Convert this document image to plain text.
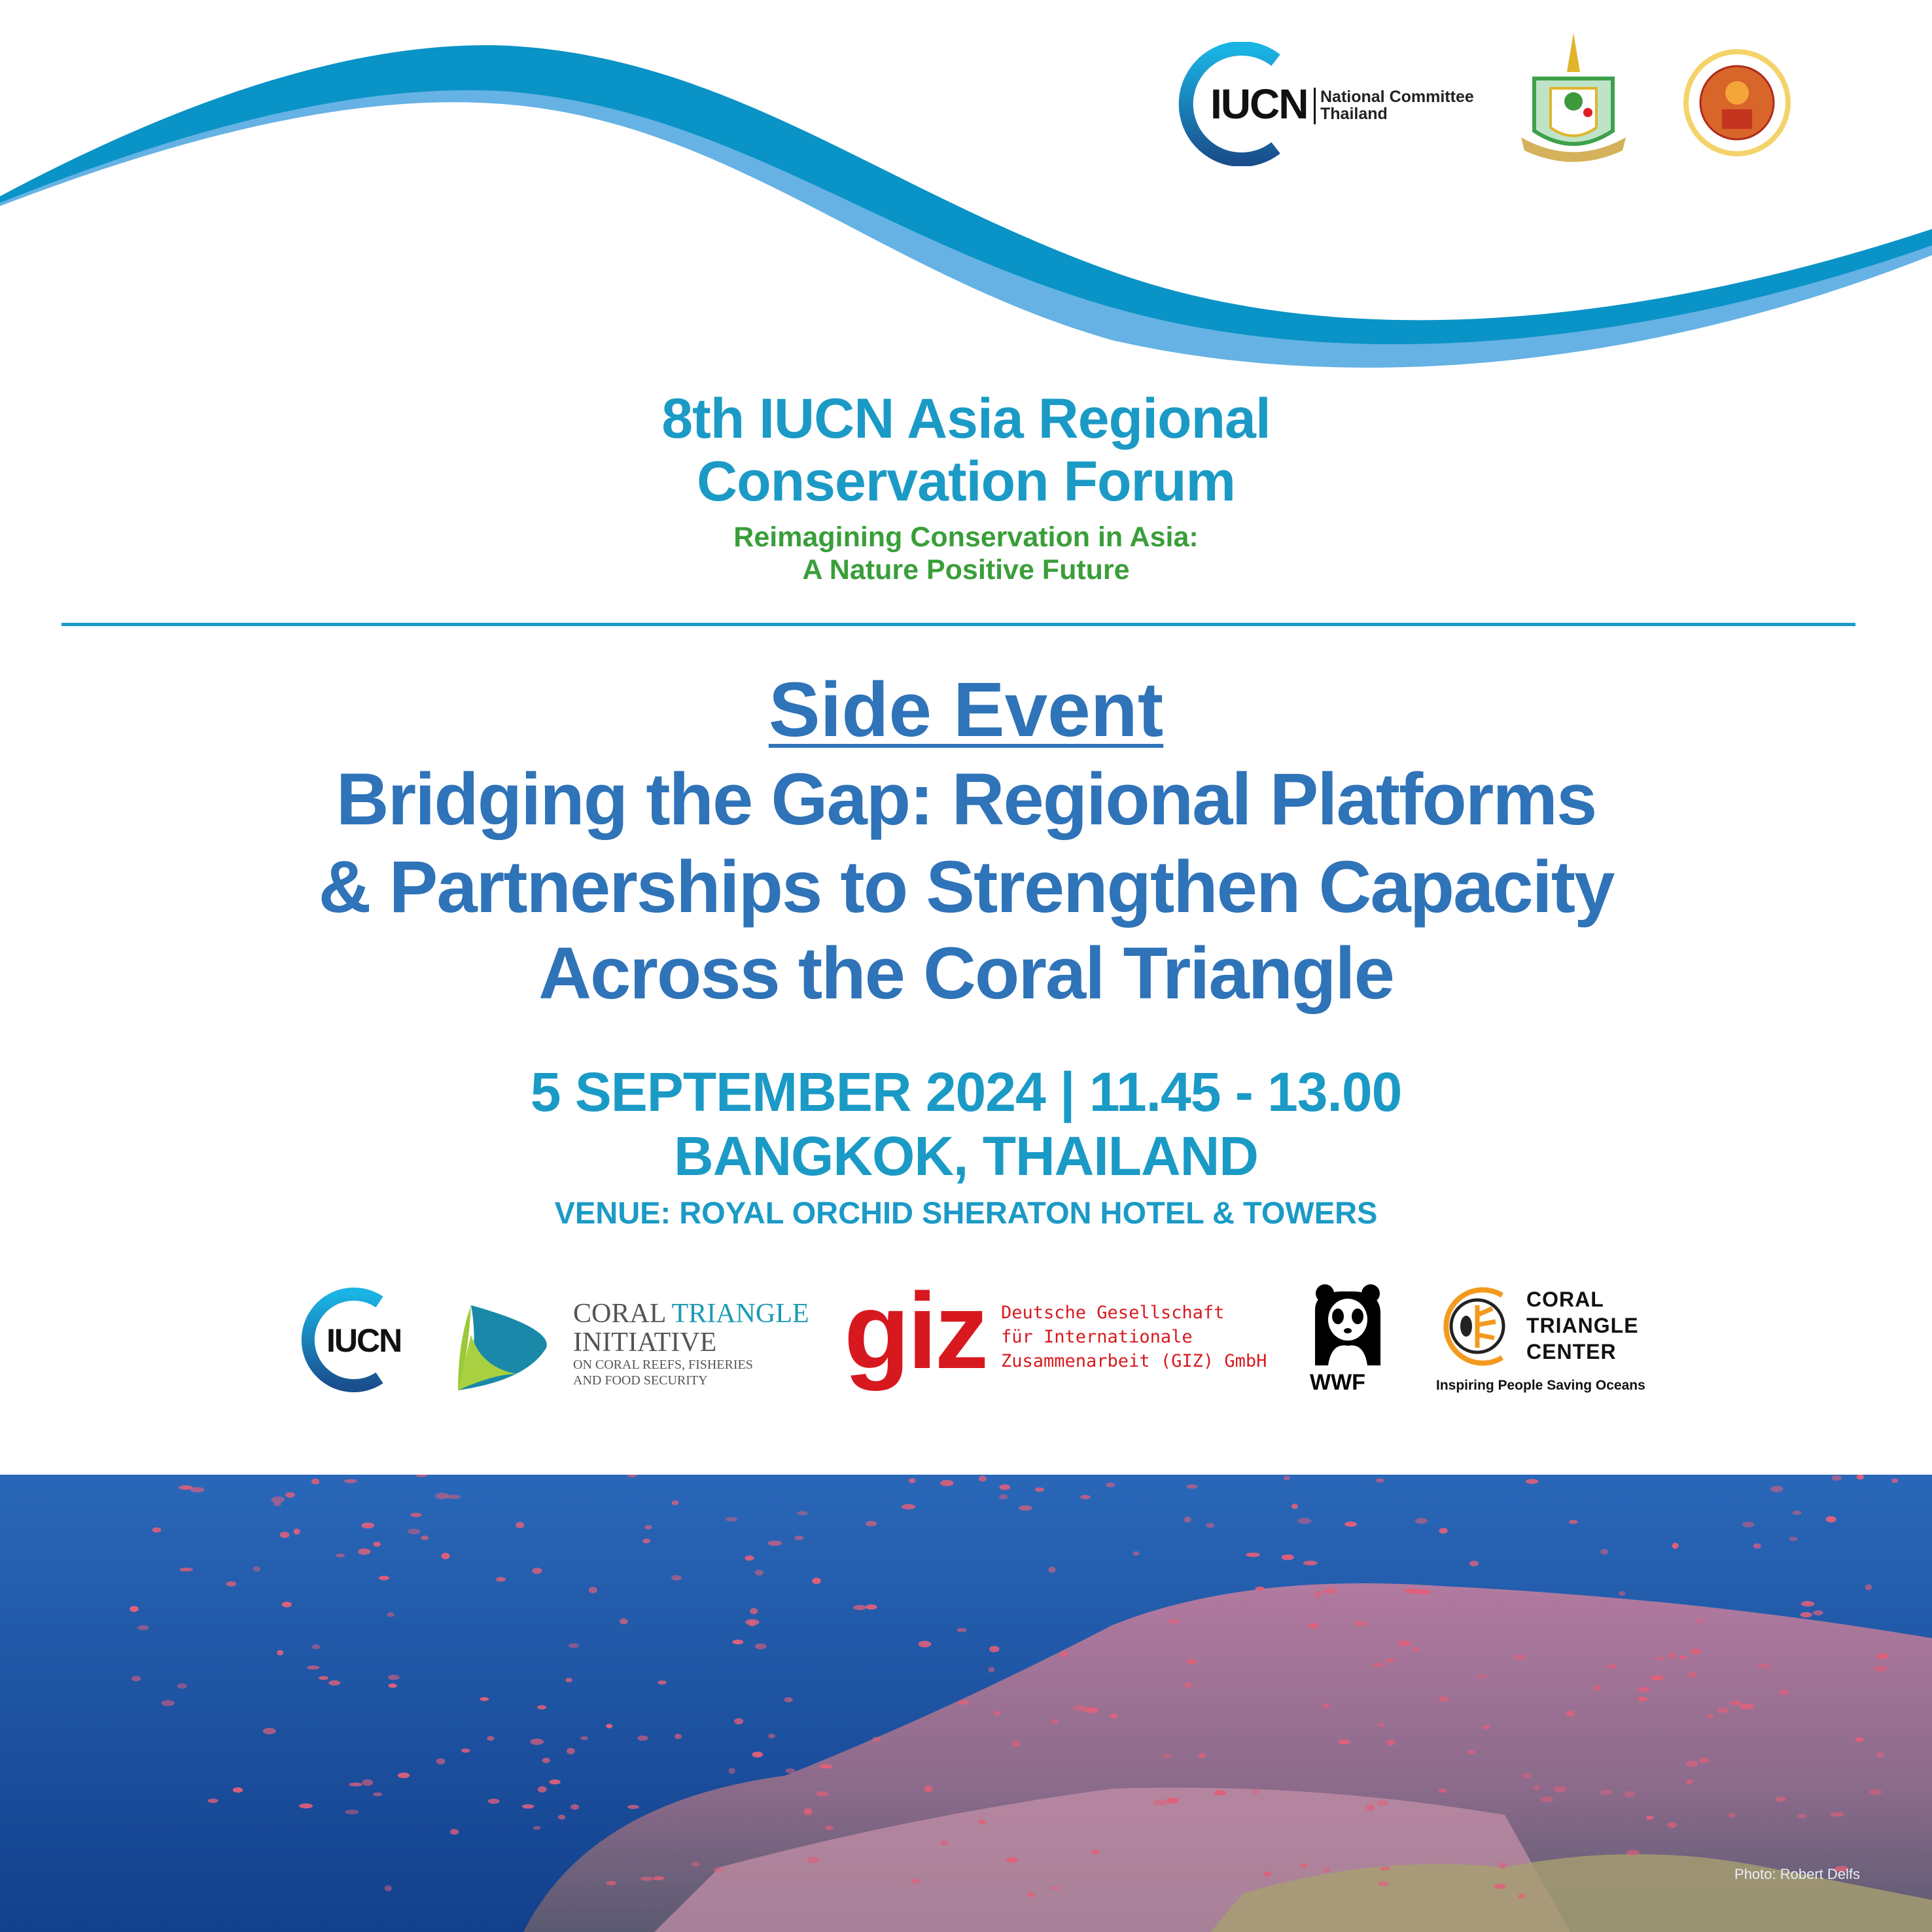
IUCN National Committee
Thailand
8th IUCN Asia Regional
Conservation Forum
Reimagining Conservation in Asia:
A Nature Positive Future
Side Event
Bridging the Gap: Regional Platforms
& Partnerships to Strengthen Capacity
Across the Coral Triangle
5 SEPTEMBER 2024 | 11.45 - 13.00
BANGKOK, THAILAND
VENUE: ROYAL ORCHID SHERATON HOTEL & TOWERS
IUCN
CORAL TRIANGLE
INITIATIVE
ON CORAL REEFS, FISHERIES
AND FOOD SECURITY	giz Deutsche Gesellschaft
für Internationale
Zusammenarbeit (GIZ) GmbH
WWF
CORAL
TRIANGLE
CENTER
Inspiring People Saving Oceans
Photo: Robert Delfs
